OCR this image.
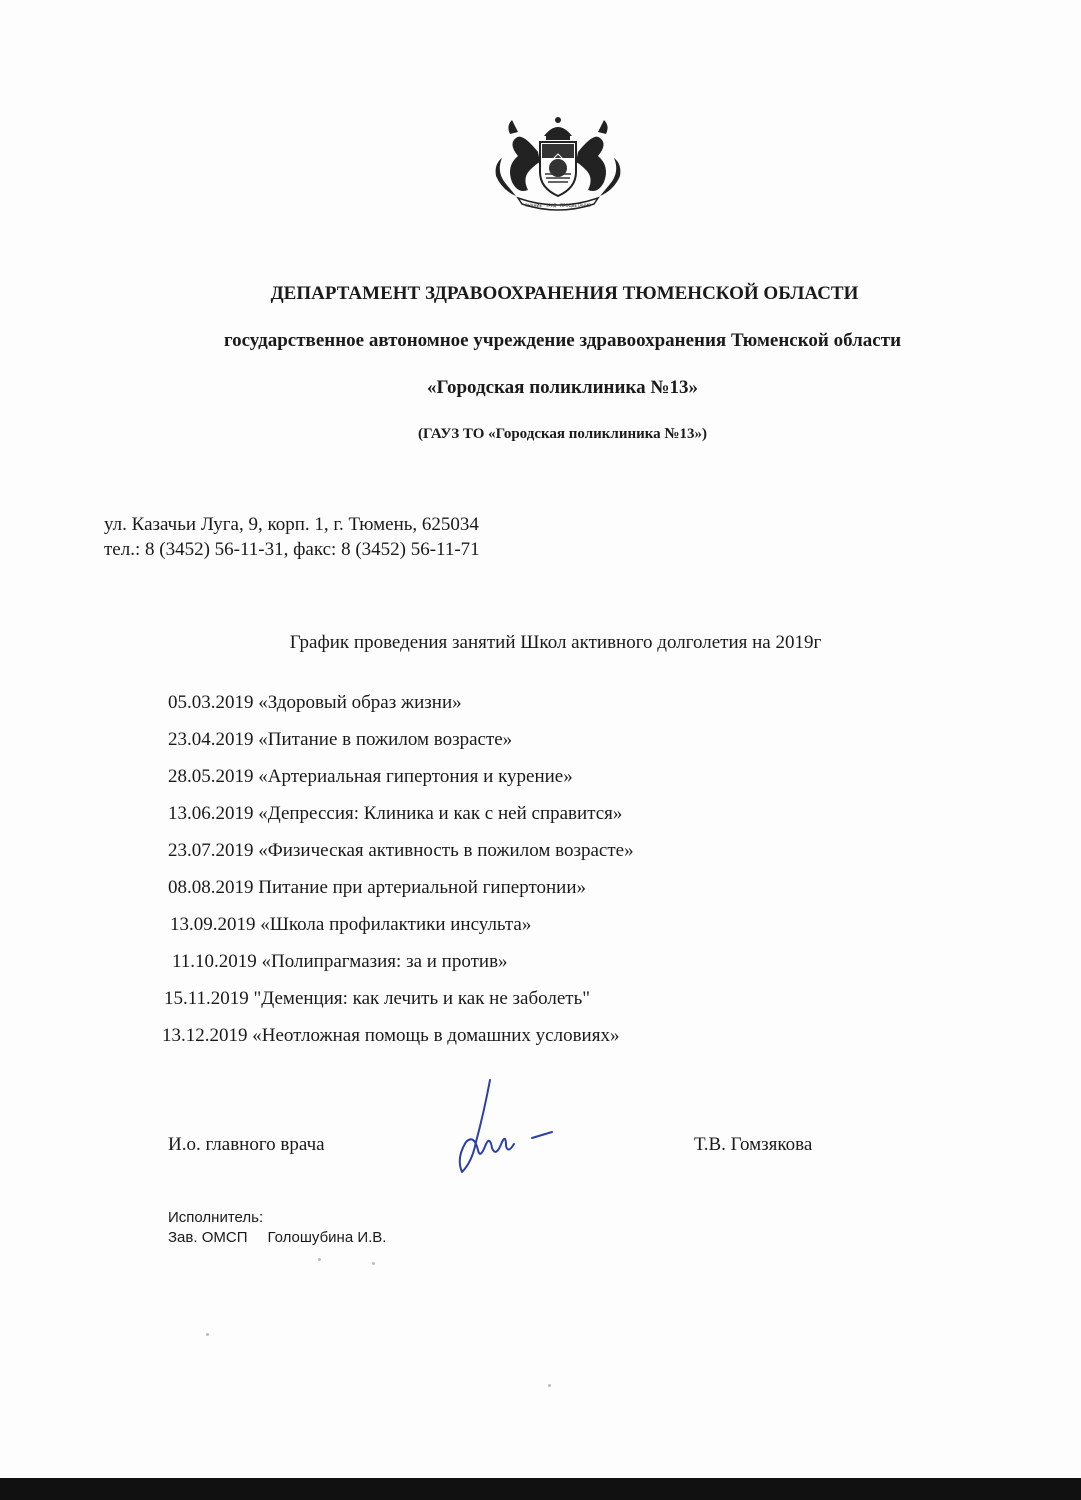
ЗНАНИЕ · ТРУД · ПРОЦВЕТАНИЕ
ДЕПАРТАМЕНТ ЗДРАВООХРАНЕНИЯ ТЮМЕНСКОЙ ОБЛАСТИ
государственное автономное учреждение здравоохранения Тюменской области
«Городская поликлиника №13»
(ГАУЗ ТО «Городская поликлиника №13»)
ул. Казачьи Луга, 9, корп. 1, г. Тюмень, 625034
тел.: 8 (3452) 56-11-31, факс: 8 (3452) 56-11-71
График проведения занятий Школ активного долголетия на 2019г
05.03.2019 «Здоровый образ жизни»
23.04.2019 «Питание в пожилом возрасте»
28.05.2019 «Артериальная гипертония и курение»
13.06.2019 «Депрессия: Клиника и как с ней справится»
23.07.2019 «Физическая активность в пожилом возрасте»
08.08.2019 Питание при артериальной гипертонии»
13.09.2019 «Школа профилактики инсульта»
11.10.2019 «Полипрагмазия: за и против»
15.11.2019 "Деменция: как лечить и как не заболеть"
13.12.2019 «Неотложная помощь в домашних условиях»
И.о. главного врача	Т.В. Гомзякова
Исполнитель:
Зав. ОМСП Голошубина И.В.
